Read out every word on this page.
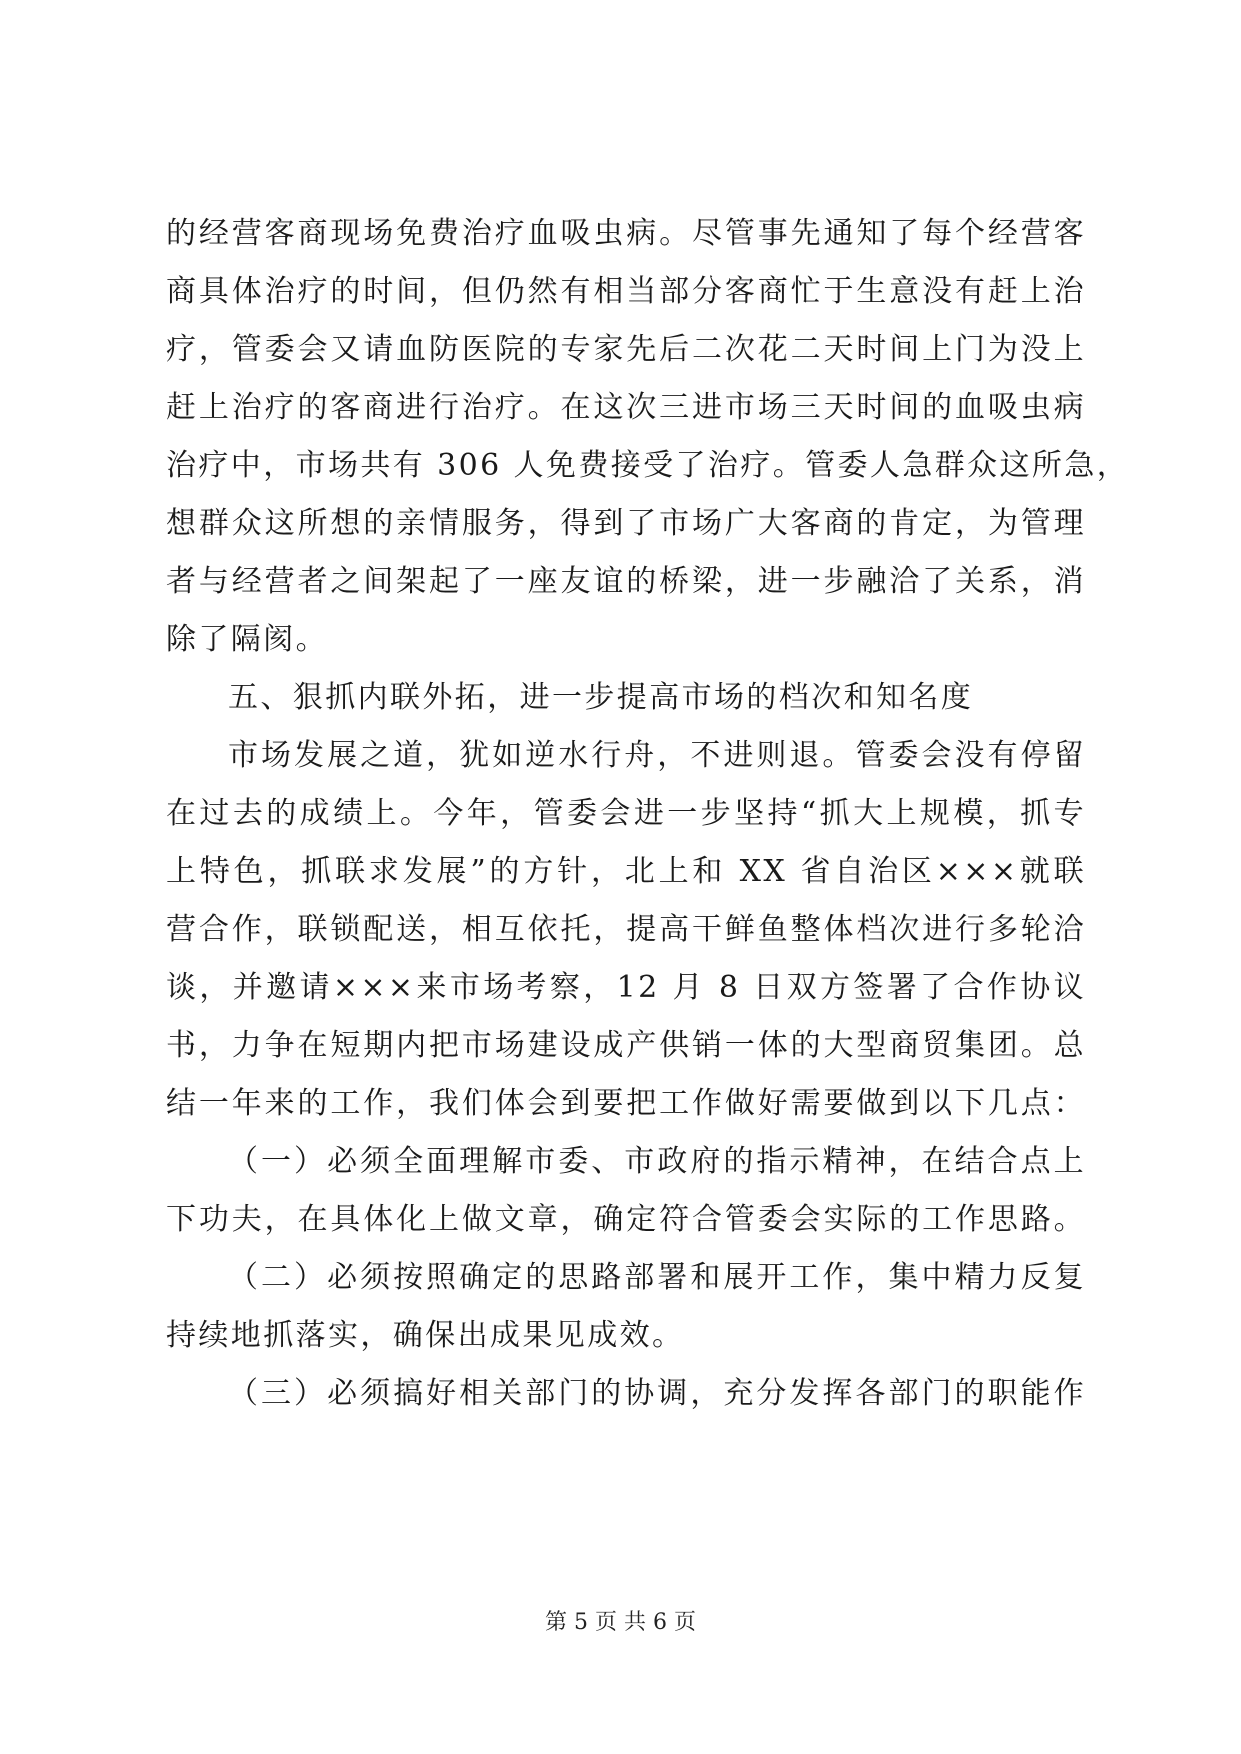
的经营客商现场免费治疗血吸虫病。尽管事先通知了每个经营客
商具体治疗的时间，但仍然有相当部分客商忙于生意没有赶上治
疗，管委会又请血防医院的专家先后二次花二天时间上门为没上
赶上治疗的客商进行治疗。在这次三进市场三天时间的血吸虫病
治疗中，市场共有 306 人免费接受了治疗。管委人急群众这所急，
想群众这所想的亲情服务，得到了市场广大客商的肯定，为管理
者与经营者之间架起了一座友谊的桥梁，进一步融洽了关系，消
除了隔阂。
五、狠抓内联外拓，进一步提高市场的档次和知名度
市场发展之道，犹如逆水行舟，不进则退。管委会没有停留
在过去的成绩上。今年，管委会进一步坚持“抓大上规模，抓专
上特色，抓联求发展”的方针，北上和 XX 省自治区×××就联
营合作，联锁配送，相互依托，提高干鲜鱼整体档次进行多轮洽
谈，并邀请×××来市场考察，12 月 8 日双方签署了合作协议
书，力争在短期内把市场建设成产供销一体的大型商贸集团。总
结一年来的工作，我们体会到要把工作做好需要做到以下几点：
（一）必须全面理解市委、市政府的指示精神，在结合点上
下功夫，在具体化上做文章，确定符合管委会实际的工作思路。
（二）必须按照确定的思路部署和展开工作，集中精力反复
持续地抓落实，确保出成果见成效。
（三）必须搞好相关部门的协调，充分发挥各部门的职能作
第 5 页 共 6 页
